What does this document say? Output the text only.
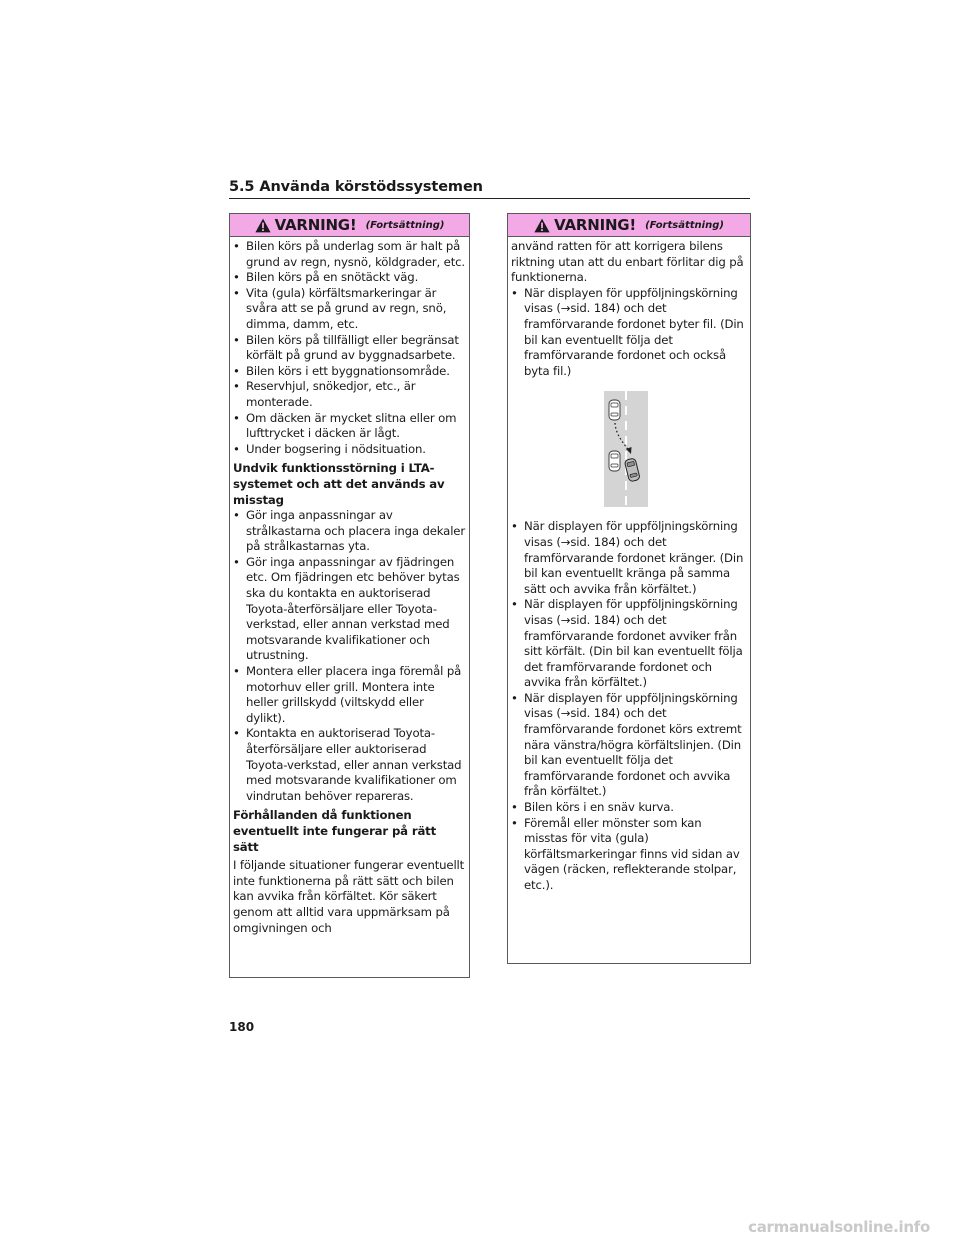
5.5 Använda körstödssystemen
VARNING! (Fortsättning)
• Bilen körs på underlag som är halt på grund av regn, nysnö, köldgrader, etc.
• Bilen körs på en snötäckt väg.
• Vita (gula) körfältsmarkeringar är svåra att se på grund av regn, snö, dimma, damm, etc.
• Bilen körs på tillfälligt eller begränsat körfält på grund av byggnadsarbete.
• Bilen körs i ett byggnationsområde.
• Reservhjul, snökedjor, etc., är monterade.
• Om däcken är mycket slitna eller om lufttrycket i däcken är lågt.
• Under bogsering i nödsituation.
Undvik funktionsstörning i LTA-systemet och att det används av misstag
• Gör inga anpassningar av strålkastarna och placera inga dekaler på strålkastarnas yta.
• Gör inga anpassningar av fjädringen etc. Om fjädringen etc behöver bytas ska du kontakta en auktoriserad Toyota-återförsäljare eller Toyota-verkstad, eller annan verkstad med motsvarande kvalifikationer och utrustning.
• Montera eller placera inga föremål på motorhuv eller grill. Montera inte heller grillskydd (viltskydd eller dylikt).
• Kontakta en auktoriserad Toyota-återförsäljare eller auktoriserad Toyota-verkstad, eller annan verkstad med motsvarande kvalifikationer om vindrutan behöver repareras.
Förhållanden då funktionen eventuellt inte fungerar på rätt sätt
I följande situationer fungerar eventuellt inte funktionerna på rätt sätt och bilen kan avvika från körfältet. Kör säkert genom att alltid vara uppmärksam på omgivningen och
VARNING! (Fortsättning)
använd ratten för att korrigera bilens riktning utan att du enbart förlitar dig på funktionerna.
• När displayen för uppföljningskörning visas (→sid. 184) och det framförvarande fordonet byter fil. (Din bil kan eventuellt följa det framförvarande fordonet och också byta fil.)
• När displayen för uppföljningskörning visas (→sid. 184) och det framförvarande fordonet kränger. (Din bil kan eventuellt kränga på samma sätt och avvika från körfältet.)
• När displayen för uppföljningskörning visas (→sid. 184) och det framförvarande fordonet avviker från sitt körfält. (Din bil kan eventuellt följa det framförvarande fordonet och avvika från körfältet.)
• När displayen för uppföljningskörning visas (→sid. 184) och det framförvarande fordonet körs extremt nära vänstra/högra körfältslinjen. (Din bil kan eventuellt följa det framförvarande fordonet och avvika från körfältet.)
• Bilen körs i en snäv kurva.
• Föremål eller mönster som kan misstas för vita (gula) körfältsmarkeringar finns vid sidan av vägen (räcken, reflekterande stolpar, etc.).
180
carmanualsonline.info
